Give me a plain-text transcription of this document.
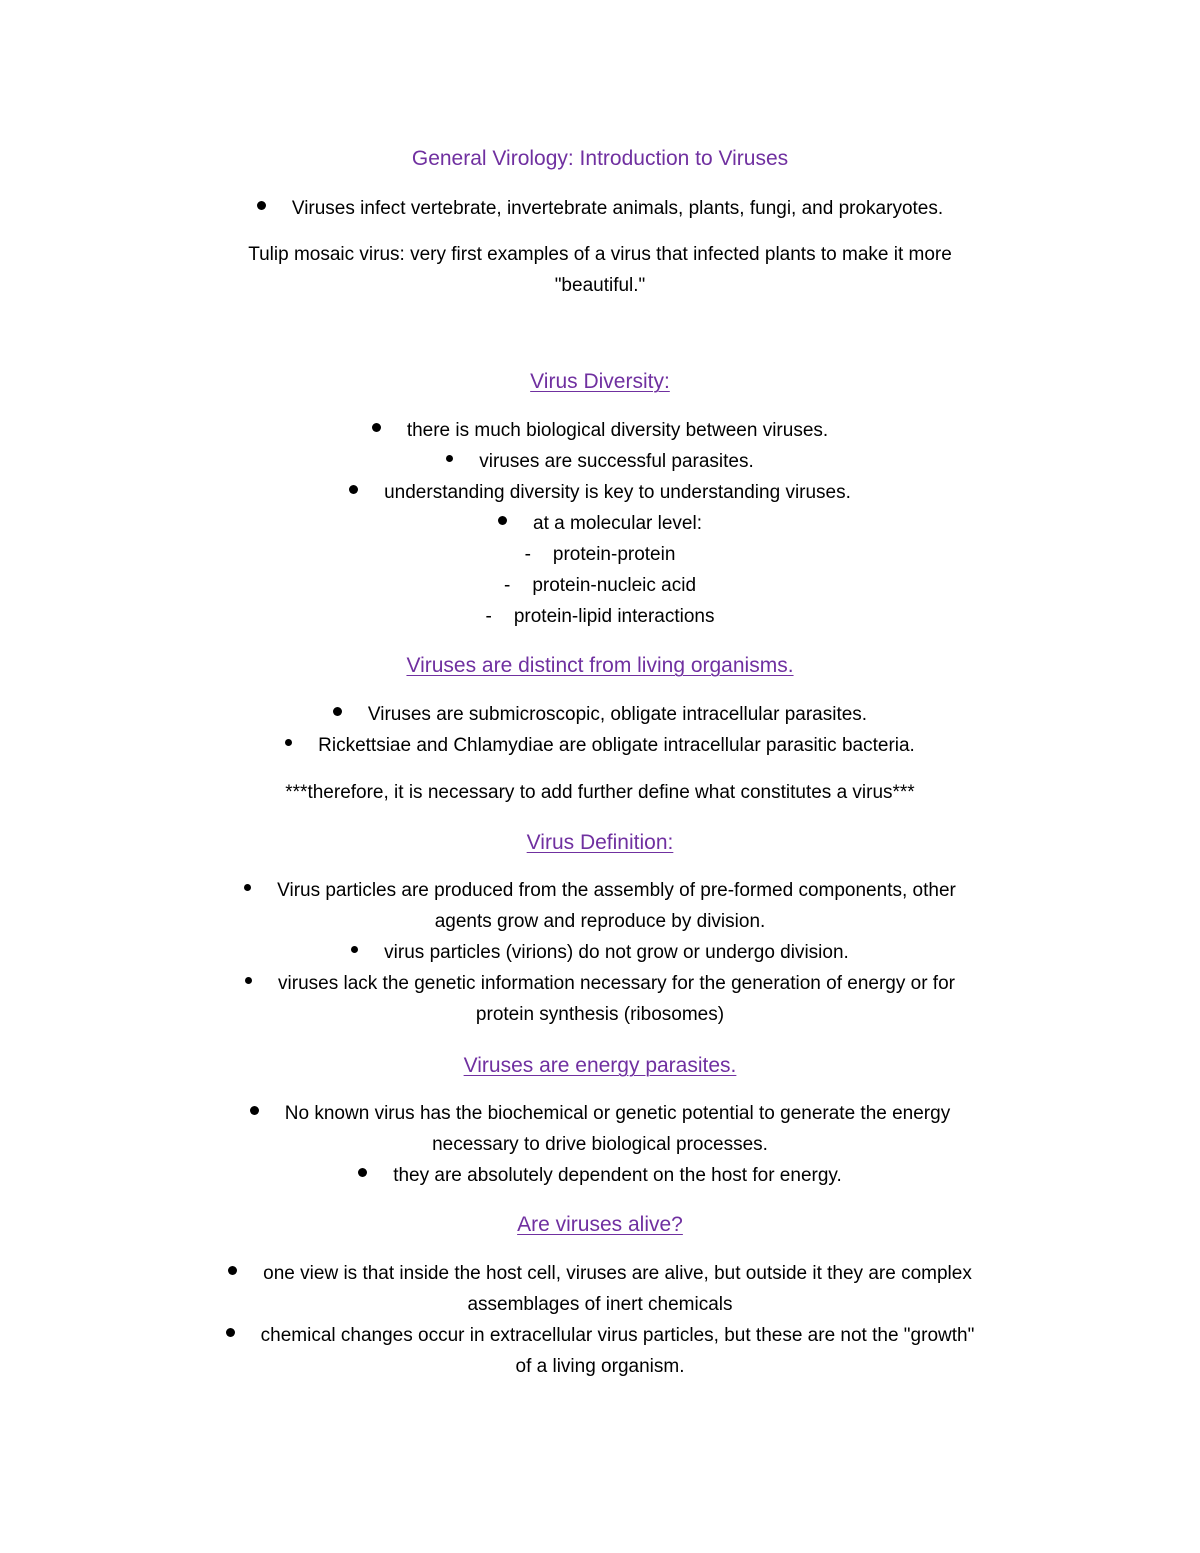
General Virology: Introduction to Viruses
Viruses infect vertebrate, invertebrate animals, plants, fungi, and prokaryotes.
Tulip mosaic virus: very first examples of a virus that infected plants to make it more
"beautiful."
Virus Diversity:
there is much biological diversity between viruses.
viruses are successful parasites.
understanding diversity is key to understanding viruses.
at a molecular level:
- protein-protein
- protein-nucleic acid
- protein-lipid interactions
Viruses are distinct from living organisms.
Viruses are submicroscopic, obligate intracellular parasites.
Rickettsiae and Chlamydiae are obligate intracellular parasitic bacteria.
***therefore, it is necessary to add further define what constitutes a virus***
Virus Definition:
Virus particles are produced from the assembly of pre-formed components, other
agents grow and reproduce by division.
virus particles (virions) do not grow or undergo division.
viruses lack the genetic information necessary for the generation of energy or for
protein synthesis (ribosomes)
Viruses are energy parasites.
No known virus has the biochemical or genetic potential to generate the energy
necessary to drive biological processes.
they are absolutely dependent on the host for energy.
Are viruses alive?
one view is that inside the host cell, viruses are alive, but outside it they are complex
assemblages of inert chemicals
chemical changes occur in extracellular virus particles, but these are not the "growth"
of a living organism.
